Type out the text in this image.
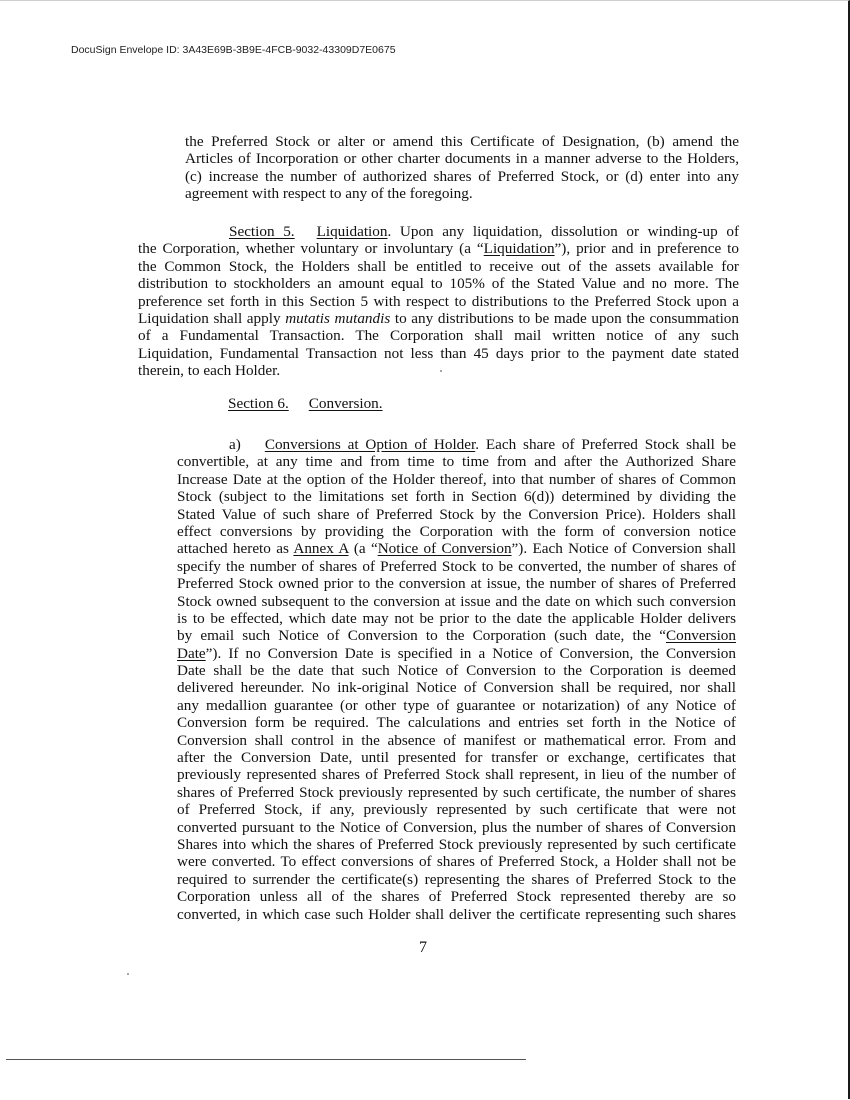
DocuSign Envelope ID: 3A43E69B-3B9E-4FCB-9032-43309D7E0675
the Preferred Stock or alter or amend this Certificate of Designation, (b) amend the
Articles of Incorporation or other charter documents in a manner adverse to the Holders,
(c) increase the number of authorized shares of Preferred Stock, or (d) enter into any
agreement with respect to any of the foregoing.
Section 5. Liquidation. Upon any liquidation, dissolution or winding-up of
the Corporation, whether voluntary or involuntary (a “Liquidation”), prior and in preference to
the Common Stock, the Holders shall be entitled to receive out of the assets available for
distribution to stockholders an amount equal to 105% of the Stated Value and no more. The
preference set forth in this Section 5 with respect to distributions to the Preferred Stock upon a
Liquidation shall apply mutatis mutandis to any distributions to be made upon the consummation
of a Fundamental Transaction. The Corporation shall mail written notice of any such
Liquidation, Fundamental Transaction not less than 45 days prior to the payment date stated
therein, to each Holder.
Section 6. Conversion.
a) Conversions at Option of Holder. Each share of Preferred Stock shall be
convertible, at any time and from time to time from and after the Authorized Share
Increase Date at the option of the Holder thereof, into that number of shares of Common
Stock (subject to the limitations set forth in Section 6(d)) determined by dividing the
Stated Value of such share of Preferred Stock by the Conversion Price). Holders shall
effect conversions by providing the Corporation with the form of conversion notice
attached hereto as Annex A (a “Notice of Conversion”). Each Notice of Conversion shall
specify the number of shares of Preferred Stock to be converted, the number of shares of
Preferred Stock owned prior to the conversion at issue, the number of shares of Preferred
Stock owned subsequent to the conversion at issue and the date on which such conversion
is to be effected, which date may not be prior to the date the applicable Holder delivers
by email such Notice of Conversion to the Corporation (such date, the “Conversion
Date”). If no Conversion Date is specified in a Notice of Conversion, the Conversion
Date shall be the date that such Notice of Conversion to the Corporation is deemed
delivered hereunder. No ink-original Notice of Conversion shall be required, nor shall
any medallion guarantee (or other type of guarantee or notarization) of any Notice of
Conversion form be required. The calculations and entries set forth in the Notice of
Conversion shall control in the absence of manifest or mathematical error. From and
after the Conversion Date, until presented for transfer or exchange, certificates that
previously represented shares of Preferred Stock shall represent, in lieu of the number of
shares of Preferred Stock previously represented by such certificate, the number of shares
of Preferred Stock, if any, previously represented by such certificate that were not
converted pursuant to the Notice of Conversion, plus the number of shares of Conversion
Shares into which the shares of Preferred Stock previously represented by such certificate
were converted. To effect conversions of shares of Preferred Stock, a Holder shall not be
required to surrender the certificate(s) representing the shares of Preferred Stock to the
Corporation unless all of the shares of Preferred Stock represented thereby are so
converted, in which case such Holder shall deliver the certificate representing such shares
7
